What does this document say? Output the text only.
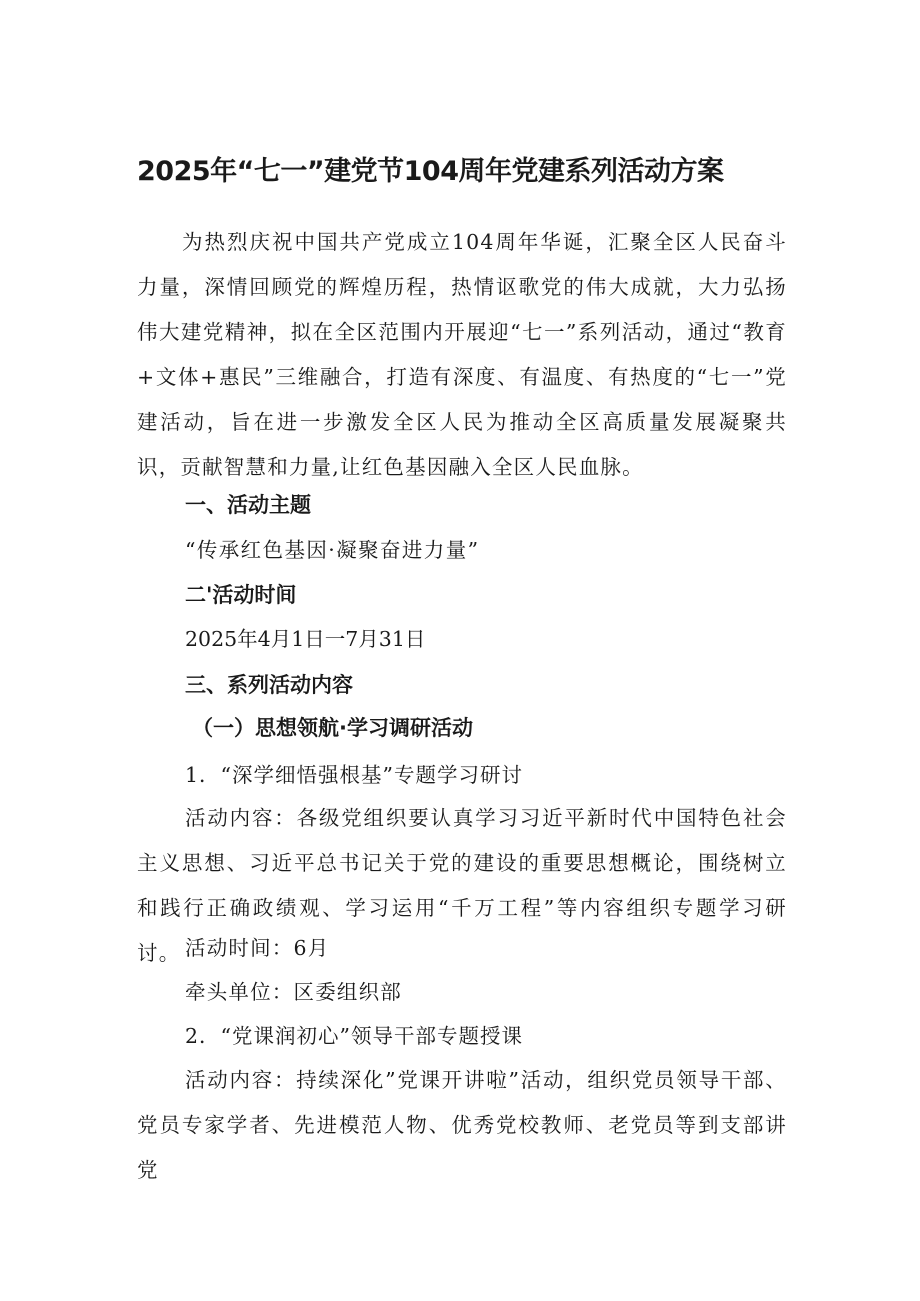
2025年“七一”建党节104周年党建系列活动方案
为热烈庆祝中国共产党成立104周年华诞，汇聚全区人民奋斗力量，深情回顾党的辉煌历程，热情讴歌党的伟大成就，大力弘扬伟大建党精神，拟在全区范围内开展迎“七一”系列活动，通过“教育+文体+惠民”三维融合，打造有深度、有温度、有热度的“七一”党建活动，旨在进一步激发全区人民为推动全区高质量发展凝聚共识，贡献智慧和力量,让红色基因融入全区人民血脉。
一、活动主题
“传承红色基因·凝聚奋进力量”
二'活动时间
2025年4月1日一7月31日
三、系列活动内容
（一）思想领航·学习调研活动
1．“深学细悟强根基”专题学习研讨
活动内容：各级党组织要认真学习习近平新时代中国特色社会主义思想、习近平总书记关于党的建设的重要思想概论，围绕树立和践行正确政绩观、学习运用“千万工程”等内容组织专题学习研讨。 活动时间：6月
牵头单位：区委组织部
2．“党课润初心”领导干部专题授课
活动内容：持续深化”党课开讲啦”活动，组织党员领导干部、党员专家学者、先进模范人物、优秀党校教师、老党员等到支部讲党
